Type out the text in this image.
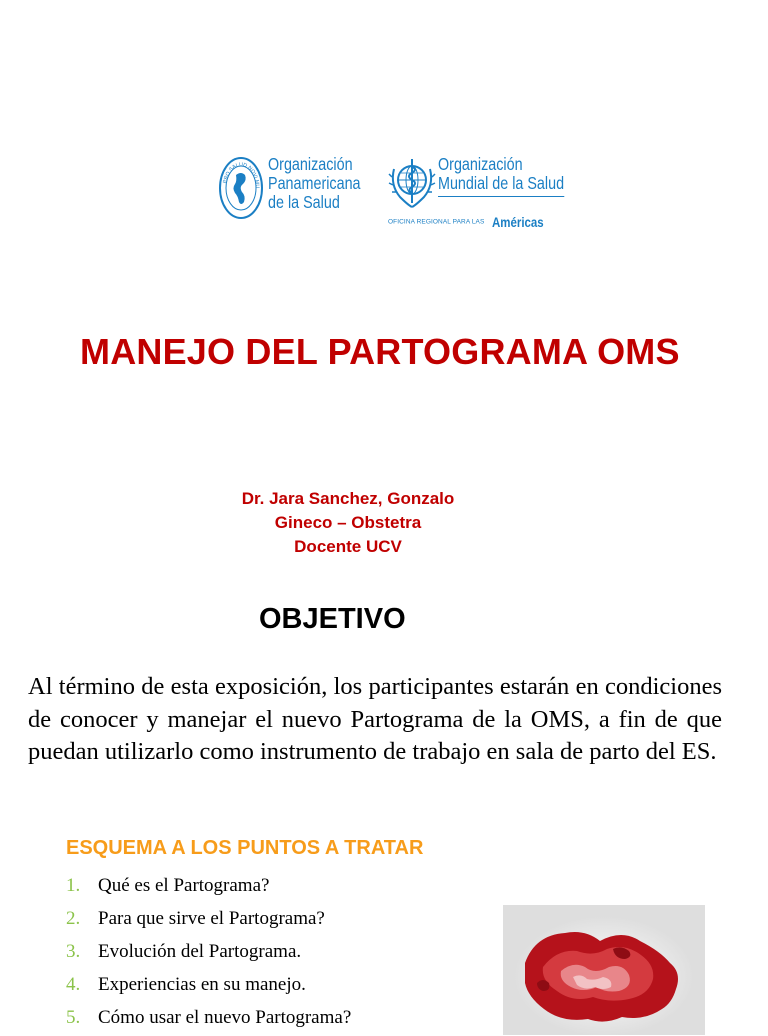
PRO SALUD NOVI MU
Organización
Panamericana
de la Salud
Organización
Mundial de la Salud
OFICINA REGIONAL PARA LAS Américas
MANEJO DEL PARTOGRAMA OMS
Dr. Jara Sanchez, Gonzalo
Gineco – Obstetra
Docente UCV
OBJETIVO

Al término de esta exposición, los participantes estarán en condiciones de conocer y manejar el nuevo Partograma de la OMS, a fin de que puedan utilizarlo como instrumento de trabajo en sala de parto del ES.

ESQUEMA A LOS PUNTOS A TRATAR
1. Qué es el Partograma?
2. Para que sirve el Partograma?
3. Evolución del Partograma.
4. Experiencias en su manejo.
5. Cómo usar el nuevo Partograma?
